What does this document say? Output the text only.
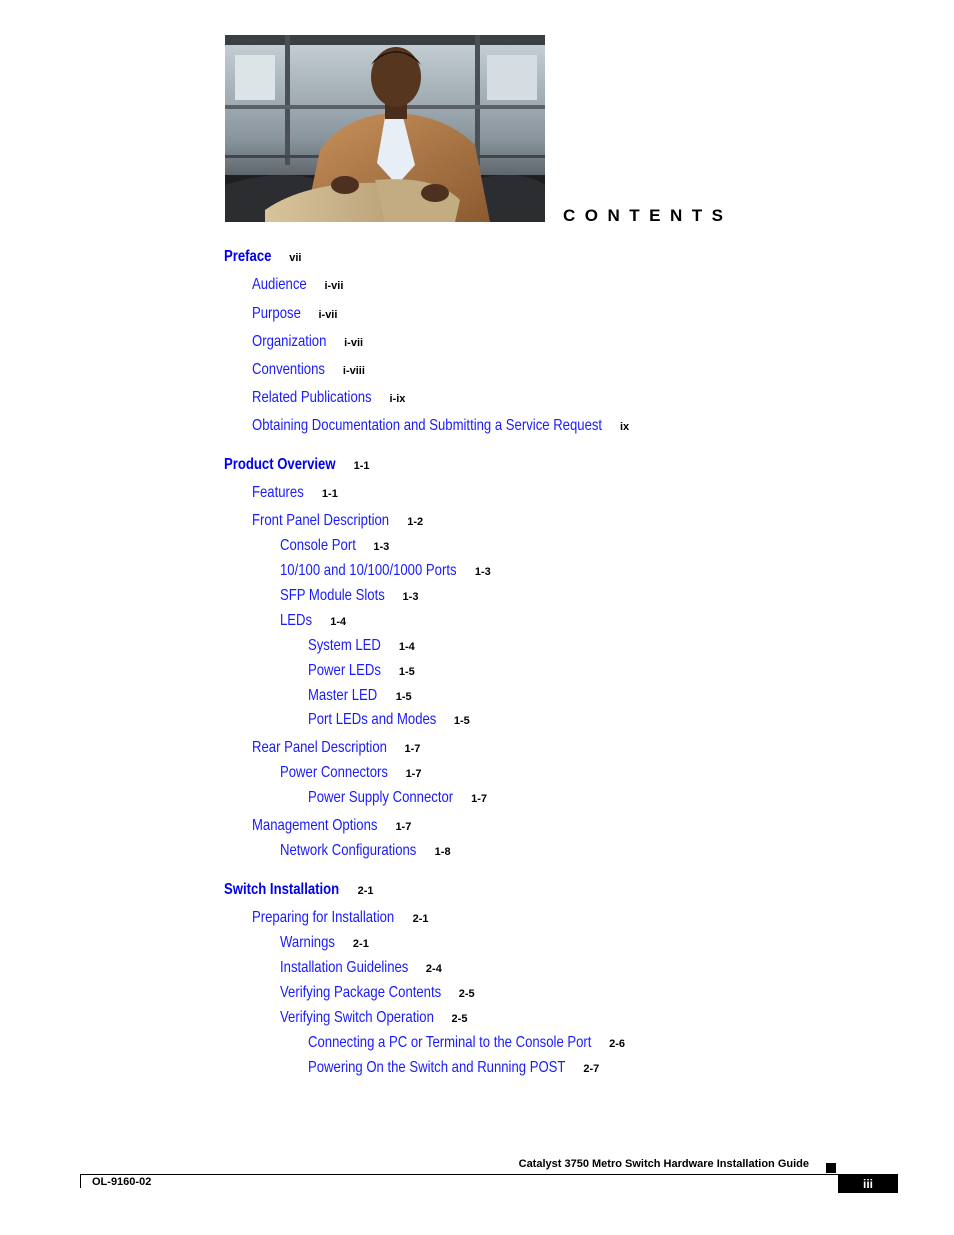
CONTENTS
Preface vii
Audience i-vii
Purpose i-vii
Organization i-vii
Conventions i-viii
Related Publications i-ix
Obtaining Documentation and Submitting a Service Request ix
Product Overview 1-1
Features 1-1
Front Panel Description 1-2
Console Port 1-3
10/100 and 10/100/1000 Ports 1-3
SFP Module Slots 1-3
LEDs 1-4
System LED 1-4
Power LEDs 1-5
Master LED 1-5
Port LEDs and Modes 1-5
Rear Panel Description 1-7
Power Connectors 1-7
Power Supply Connector 1-7
Management Options 1-7
Network Configurations 1-8
Switch Installation 2-1
Preparing for Installation 2-1
Warnings 2-1
Installation Guidelines 2-4
Verifying Package Contents 2-5
Verifying Switch Operation 2-5
Connecting a PC or Terminal to the Console Port 2-6
Powering On the Switch and Running POST 2-7
Catalyst 3750 Metro Switch Hardware Installation Guide
OL-9160-02	iii
